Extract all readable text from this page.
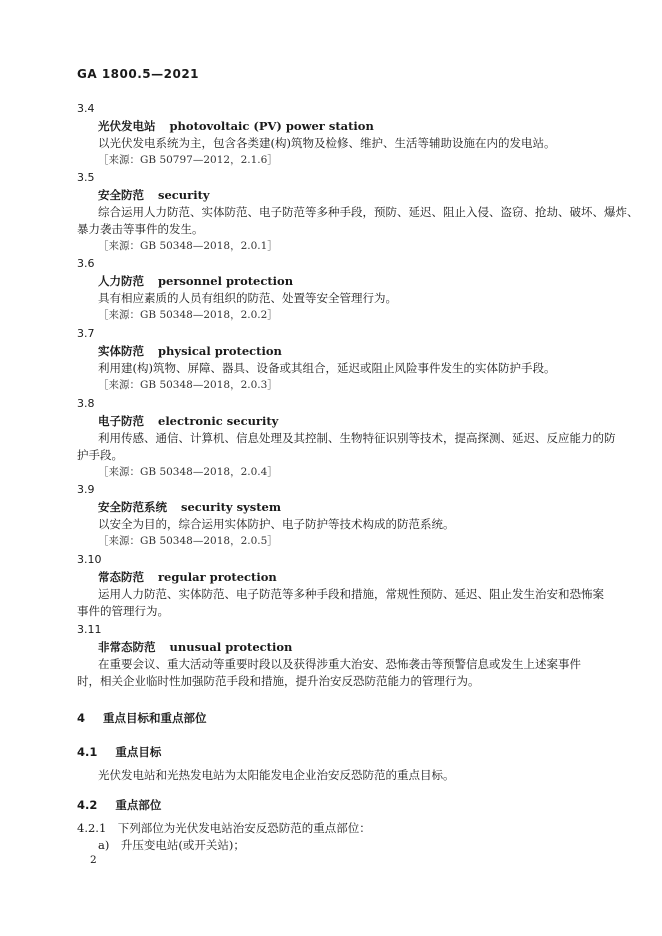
GA 1800.5—2021
3.4
光伏发电站 photovoltaic (PV) power station
以光伏发电系统为主，包含各类建(构)筑物及检修、维护、生活等辅助设施在内的发电站。
［来源：GB 50797—2012，2.1.6］
3.5
安全防范 security
综合运用人力防范、实体防范、电子防范等多种手段，预防、延迟、阻止入侵、盗窃、抢劫、破坏、爆炸、
暴力袭击等事件的发生。
［来源：GB 50348—2018，2.0.1］
3.6
人力防范 personnel protection
具有相应素质的人员有组织的防范、处置等安全管理行为。
［来源：GB 50348—2018，2.0.2］
3.7
实体防范 physical protection
利用建(构)筑物、屏障、器具、设备或其组合，延迟或阻止风险事件发生的实体防护手段。
［来源：GB 50348—2018，2.0.3］
3.8
电子防范 electronic security
利用传感、通信、计算机、信息处理及其控制、生物特征识别等技术，提高探测、延迟、反应能力的防
护手段。
［来源：GB 50348—2018，2.0.4］
3.9
安全防范系统 security system
以安全为目的，综合运用实体防护、电子防护等技术构成的防范系统。
［来源：GB 50348—2018，2.0.5］
3.10
常态防范 regular protection
运用人力防范、实体防范、电子防范等多种手段和措施，常规性预防、延迟、阻止发生治安和恐怖案
事件的管理行为。
3.11
非常态防范 unusual protection
在重要会议、重大活动等重要时段以及获得涉重大治安、恐怖袭击等预警信息或发生上述案事件
时，相关企业临时性加强防范手段和措施，提升治安反恐防范能力的管理行为。
4 重点目标和重点部位
4.1 重点目标
光伏发电站和光热发电站为太阳能发电企业治安反恐防范的重点目标。
4.2 重点部位
4.2.1　下列部位为光伏发电站治安反恐防范的重点部位：
a)　升压变电站(或开关站)；
2
